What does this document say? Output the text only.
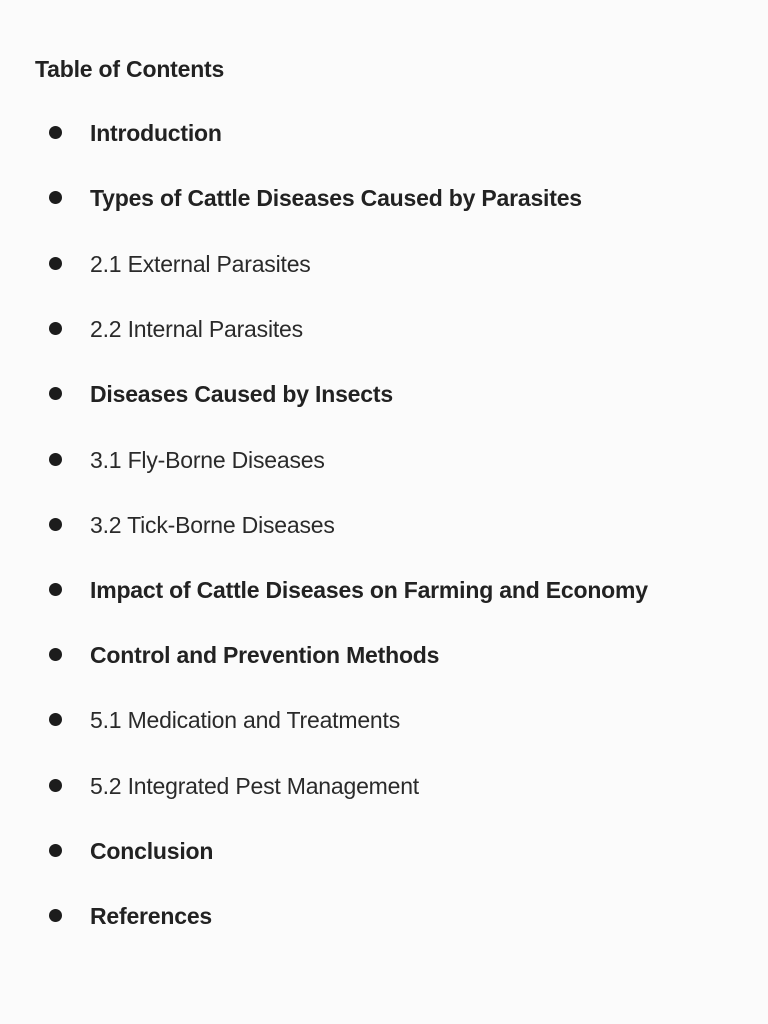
Table of Contents
Introduction
Types of Cattle Diseases Caused by Parasites
2.1 External Parasites
2.2 Internal Parasites
Diseases Caused by Insects
3.1 Fly-Borne Diseases
3.2 Tick-Borne Diseases
Impact of Cattle Diseases on Farming and Economy
Control and Prevention Methods
5.1 Medication and Treatments
5.2 Integrated Pest Management
Conclusion
References
